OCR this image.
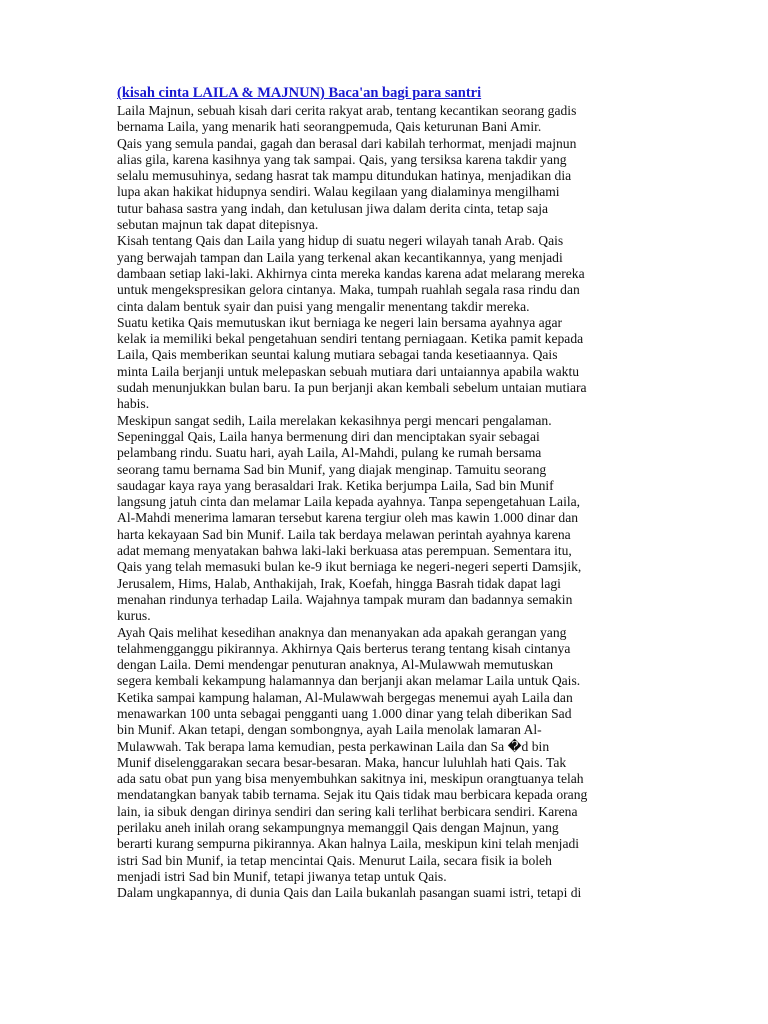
(kisah cinta LAILA & MAJNUN) Baca'an bagi para santri

Laila Majnun, sebuah kisah dari cerita rakyat arab, tentang kecantikan seorang gadis
bernama Laila, yang menarik hati seorangpemuda, Qais keturunan Bani Amir.

Qais yang semula pandai, gagah dan berasal dari kabilah terhormat, menjadi majnun
alias gila, karena kasihnya yang tak sampai. Qais, yang tersiksa karena takdir yang
selalu memusuhinya, sedang hasrat tak mampu ditundukan hatinya, menjadikan dia
lupa akan hakikat hidupnya sendiri. Walau kegilaan yang dialaminya mengilhami
tutur bahasa sastra yang indah, dan ketulusan jiwa dalam derita cinta, tetap saja
sebutan majnun tak dapat ditepisnya.

Kisah tentang Qais dan Laila yang hidup di suatu negeri wilayah tanah Arab. Qais
yang berwajah tampan dan Laila yang terkenal akan kecantikannya, yang menjadi
dambaan setiap laki-laki. Akhirnya cinta mereka kandas karena adat melarang mereka
untuk mengekspresikan gelora cintanya. Maka, tumpah ruahlah segala rasa rindu dan
cinta dalam bentuk syair dan puisi yang mengalir menentang takdir mereka.

Suatu ketika Qais memutuskan ikut berniaga ke negeri lain bersama ayahnya agar
kelak ia memiliki bekal pengetahuan sendiri tentang perniagaan. Ketika pamit kepada
Laila, Qais memberikan seuntai kalung mutiara sebagai tanda kesetiaannya. Qais
minta Laila berjanji untuk melepaskan sebuah mutiara dari untaiannya apabila waktu
sudah menunjukkan bulan baru. Ia pun berjanji akan kembali sebelum untaian mutiara
habis.

Meskipun sangat sedih, Laila merelakan kekasihnya pergi mencari pengalaman.
Sepeninggal Qais, Laila hanya bermenung diri dan menciptakan syair sebagai
pelambang rindu. Suatu hari, ayah Laila, Al-Mahdi, pulang ke rumah bersama
seorang tamu bernama Sad bin Munif, yang diajak menginap. Tamuitu seorang
saudagar kaya raya yang berasaldari Irak. Ketika berjumpa Laila, Sad bin Munif
langsung jatuh cinta dan melamar Laila kepada ayahnya. Tanpa sepengetahuan Laila,
Al-Mahdi menerima lamaran tersebut karena tergiur oleh mas kawin 1.000 dinar dan
harta kekayaan Sad bin Munif. Laila tak berdaya melawan perintah ayahnya karena
adat memang menyatakan bahwa laki-laki berkuasa atas perempuan. Sementara itu,
Qais yang telah memasuki bulan ke-9 ikut berniaga ke negeri-negeri seperti Damsjik,
Jerusalem, Hims, Halab, Anthakijah, Irak, Koefah, hingga Basrah tidak dapat lagi
menahan rindunya terhadap Laila. Wajahnya tampak muram dan badannya semakin
kurus.

Ayah Qais melihat kesedihan anaknya dan menanyakan ada apakah gerangan yang
telahmengganggu pikirannya. Akhirnya Qais berterus terang tentang kisah cintanya
dengan Laila. Demi mendengar penuturan anaknya, Al-Mulawwah memutuskan
segera kembali kekampung halamannya dan berjanji akan melamar Laila untuk Qais.
Ketika sampai kampung halaman, Al-Mulawwah bergegas menemui ayah Laila dan
menawarkan 100 unta sebagai pengganti uang 1.000 dinar yang telah diberikan Sad
bin Munif. Akan tetapi, dengan sombongnya, ayah Laila menolak lamaran Al-
Mulawwah. Tak berapa lama kemudian, pesta perkawinan Laila dan Sa �d bin
Munif diselenggarakan secara besar-besaran. Maka, hancur luluhlah hati Qais. Tak
ada satu obat pun yang bisa menyembuhkan sakitnya ini, meskipun orangtuanya telah
mendatangkan banyak tabib ternama. Sejak itu Qais tidak mau berbicara kepada orang
lain, ia sibuk dengan dirinya sendiri dan sering kali terlihat berbicara sendiri. Karena
perilaku aneh inilah orang sekampungnya memanggil Qais dengan Majnun, yang
berarti kurang sempurna pikirannya. Akan halnya Laila, meskipun kini telah menjadi
istri Sad bin Munif, ia tetap mencintai Qais. Menurut Laila, secara fisik ia boleh
menjadi istri Sad bin Munif, tetapi jiwanya tetap untuk Qais.

Dalam ungkapannya, di dunia Qais dan Laila bukanlah pasangan suami istri, tetapi di
